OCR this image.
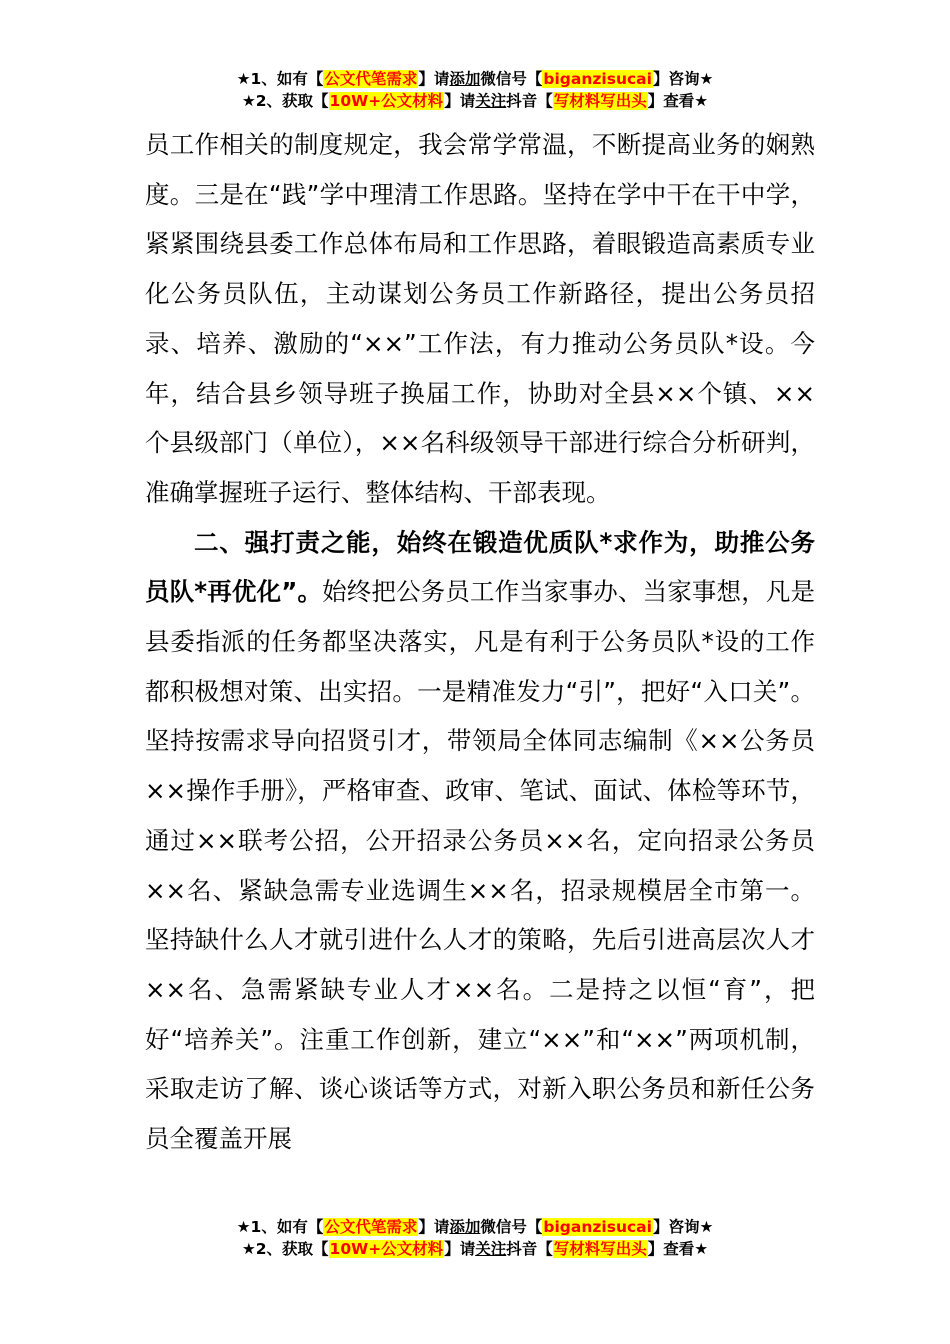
★1、如有【公文代笔需求】请添加微信号【biganzisucai】咨询★
★2、获取【10W+公文材料】请关注抖音【写材料写出头】查看★

员工作相关的制度规定，我会常学常温，不断提高业务的娴熟度。三是在“践”学中理清工作思路。坚持在学中干在干中学，紧紧围绕县委工作总体布局和工作思路，着眼锻造高素质专业化公务员队伍，主动谋划公务员工作新路径，提出公务员招录、培养、激励的“××”工作法，有力推动公务员队*设。今年，结合县乡领导班子换届工作，协助对全县××个镇、××个县级部门（单位），××名科级领导干部进行综合分析研判，准确掌握班子运行、整体结构、干部表现。

二、强打责之能，始终在锻造优质队*求作为，助推公务员队*再优化”。始终把公务员工作当家事办、当家事想，凡是县委指派的任务都坚决落实，凡是有利于公务员队*设的工作都积极想对策、出实招。一是精准发力“引”，把好“入口关”。坚持按需求导向招贤引才，带领局全体同志编制《××公务员××操作手册》，严格审查、政审、笔试、面试、体检等环节，通过××联考公招，公开招录公务员××名，定向招录公务员××名、紧缺急需专业选调生××名，招录规模居全市第一。坚持缺什么人才就引进什么人才的策略，先后引进高层次人才××名、急需紧缺专业人才××名。二是持之以恒“育”，把好“培养关”。注重工作创新，建立“××”和“××”两项机制，采取走访了解、谈心谈话等方式，对新入职公务员和新任公务员全覆盖开展

★1、如有【公文代笔需求】请添加微信号【biganzisucai】咨询★
★2、获取【10W+公文材料】请关注抖音【写材料写出头】查看★
